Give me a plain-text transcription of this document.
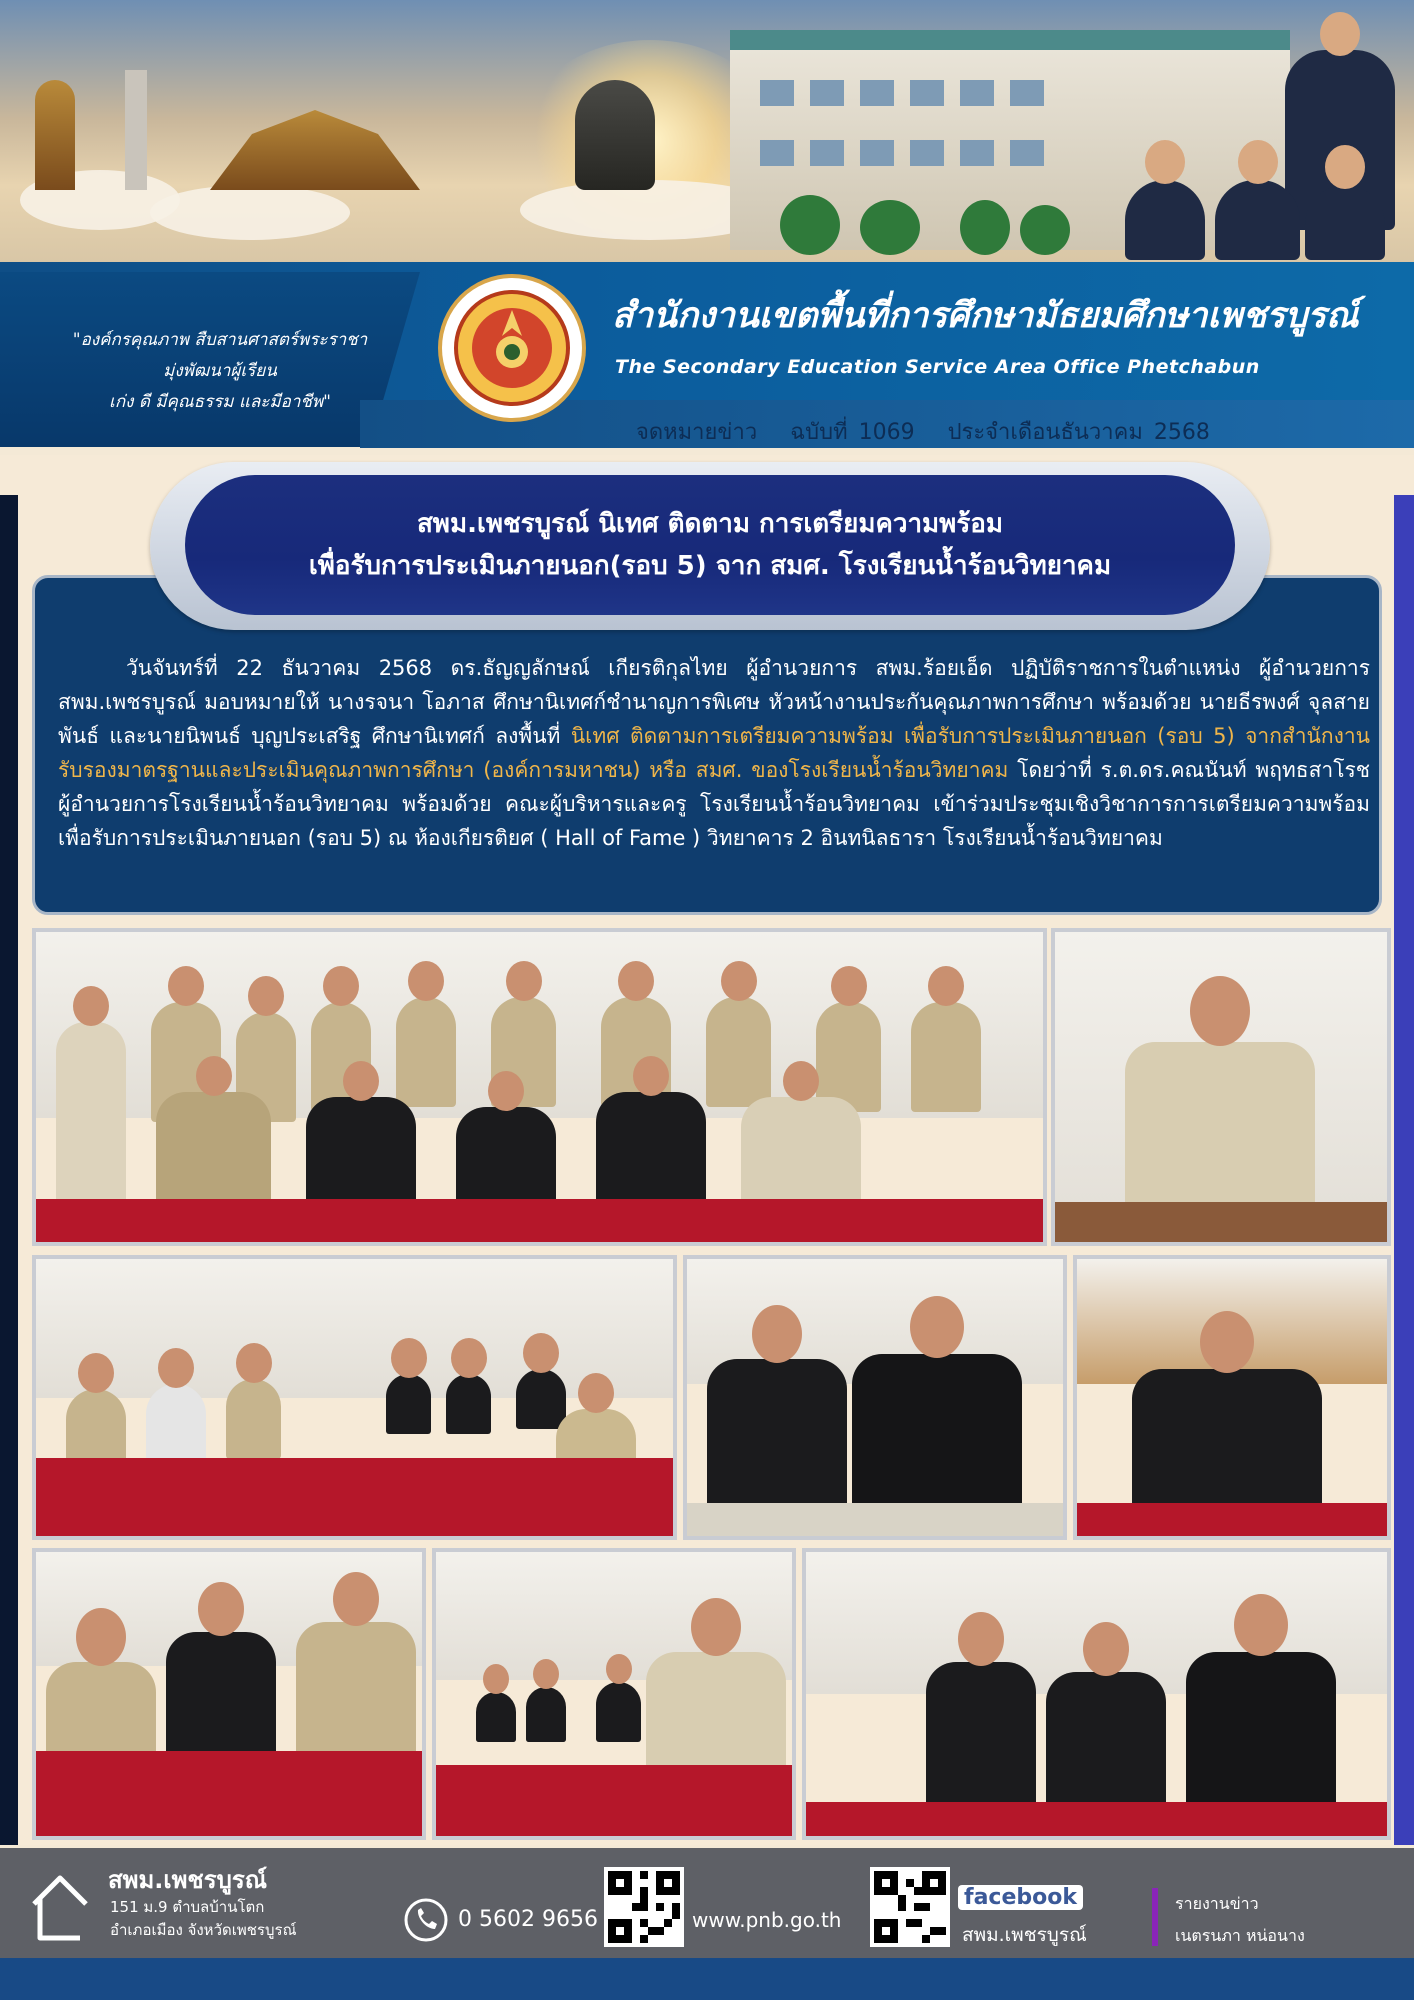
"องค์กรคุณภาพ สืบสานศาสตร์พระราชา
มุ่งพัฒนาผู้เรียน
เก่ง ดี มีคุณธรรม และมีอาชีพ"
สำนักงานเขตพื้นที่การศึกษามัธยมศึกษาเพชรบูรณ์
The Secondary Education Service Area Office Phetchabun
จดหมายข่าว ฉบับที่ 1069 ประจำเดือนธันวาคม 2568
สพม.เพชรบูรณ์ นิเทศ ติดตาม การเตรียมความพร้อม
เพื่อรับการประเมินภายนอก(รอบ 5) จาก สมศ. โรงเรียนน้ำร้อนวิทยาคม
วันจันทร์ที่ 22 ธันวาคม 2568 ดร.ธัญญลักษณ์ เกียรติกุลไทย ผู้อำนวยการ สพม.ร้อยเอ็ด ปฏิบัติราชการในตำแหน่ง ผู้อำนวยการ สพม.เพชรบูรณ์ มอบหมายให้ นางรจนา โอภาส ศึกษานิเทศก์ชำนาญการพิเศษ หัวหน้างานประกันคุณภาพการศึกษา พร้อมด้วย นายธีรพงศ์ จุลสายพันธ์ และนายนิพนธ์ บุญประเสริฐ ศึกษานิเทศก์ ลงพื้นที่ นิเทศ ติดตามการเตรียมความพร้อม เพื่อรับการประเมินภายนอก (รอบ 5) จากสำนักงานรับรองมาตรฐานและประเมินคุณภาพการศึกษา (องค์การมหาชน) หรือ สมศ. ของโรงเรียนน้ำร้อนวิทยาคม โดยว่าที่ ร.ต.ดร.คณนันท์ พฤทธสาโรช ผู้อำนวยการโรงเรียนน้ำร้อนวิทยาคม พร้อมด้วย คณะผู้บริหารและครู โรงเรียนน้ำร้อนวิทยาคม เข้าร่วมประชุมเชิงวิชาการการเตรียมความพร้อมเพื่อรับการประเมินภายนอก (รอบ 5) ณ ห้องเกียรติยศ ( Hall of Fame ) วิทยาคาร 2 อินทนิลธารา โรงเรียนน้ำร้อนวิทยาคม
สพม.เพชรบูรณ์
151 ม.9 ตำบลบ้านโตก
อำเภอเมือง จังหวัดเพชรบูรณ์	0 5602 9656	www.pnb.go.th
facebook
สพม.เพชรบูรณ์
รายงานข่าว
เนตรนภา หน่อนาง
